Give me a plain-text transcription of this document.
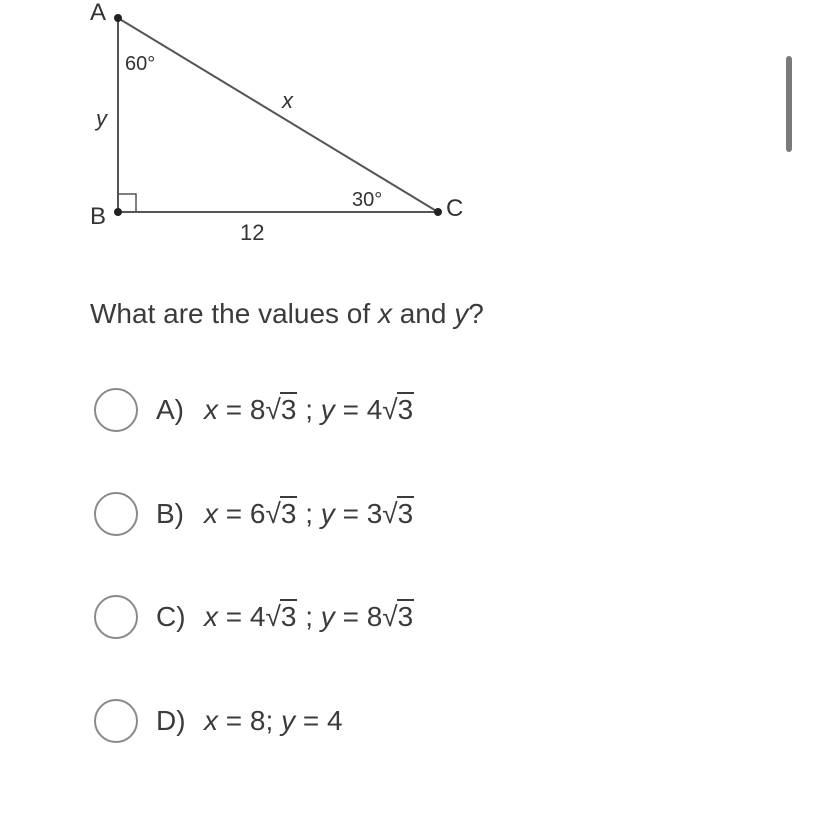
A
B	C
60°
30°
y
x
12
What are the values of x and y?
A) x = 8√3 ; y = 4√3
B) x = 6√3 ; y = 3√3
C) x = 4√3 ; y = 8√3
D) x = 8; y = 4
